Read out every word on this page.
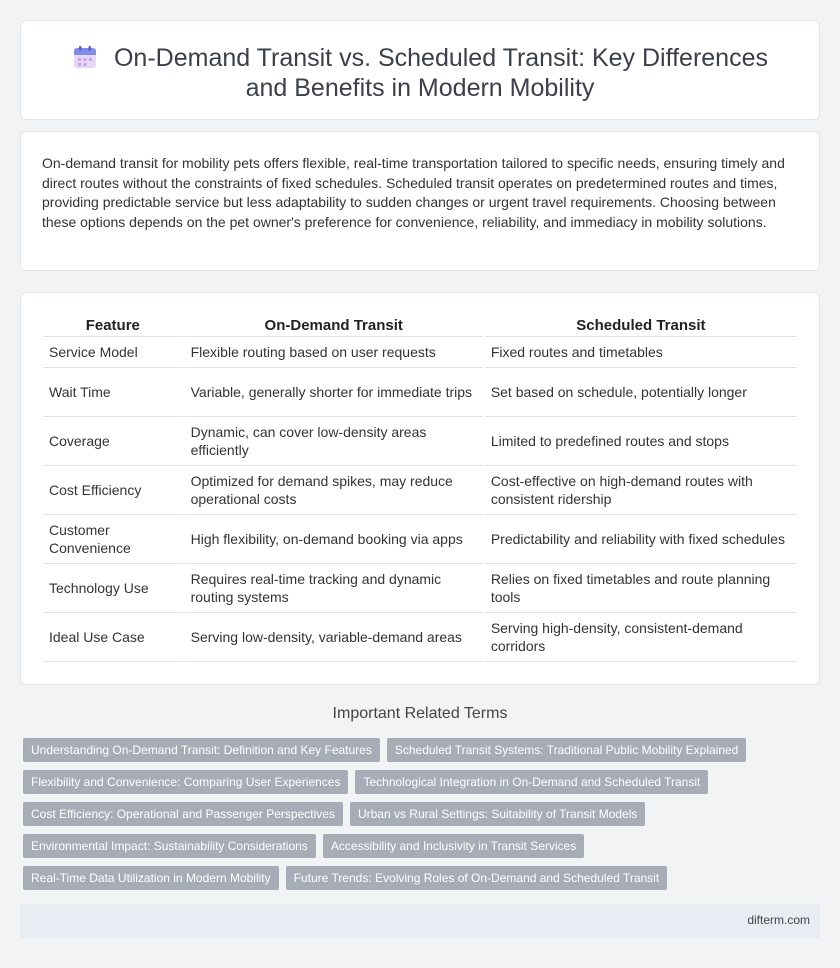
On-Demand Transit vs. Scheduled Transit: Key Differences and Benefits in Modern Mobility

On-demand transit for mobility pets offers flexible, real-time transportation tailored to specific needs, ensuring timely and direct routes without the constraints of fixed schedules. Scheduled transit operates on predetermined routes and times, providing predictable service but less adaptability to sudden changes or urgent travel requirements. Choosing between these options depends on the pet owner's preference for convenience, reliability, and immediacy in mobility solutions.

Feature	On-Demand Transit	Scheduled Transit
Service Model	Flexible routing based on user requests	Fixed routes and timetables
Wait Time	Variable, generally shorter for immediate trips	Set based on schedule, potentially longer
Coverage	Dynamic, can cover low-density areas efficiently	Limited to predefined routes and stops
Cost Efficiency	Optimized for demand spikes, may reduce operational costs	Cost-effective on high-demand routes with consistent ridership
Customer Convenience	High flexibility, on-demand booking via apps	Predictability and reliability with fixed schedules
Technology Use	Requires real-time tracking and dynamic routing systems	Relies on fixed timetables and route planning tools
Ideal Use Case	Serving low-density, variable-demand areas	Serving high-density, consistent-demand corridors
Important Related Terms
Understanding On-Demand Transit: Definition and Key Features	Scheduled Transit Systems: Traditional Public Mobility Explained
Flexibility and Convenience: Comparing User Experiences	Technological Integration in On-Demand and Scheduled Transit
Cost Efficiency: Operational and Passenger Perspectives	Urban vs Rural Settings: Suitability of Transit Models
Environmental Impact: Sustainability Considerations	Accessibility and Inclusivity in Transit Services
Real-Time Data Utilization in Modern Mobility	Future Trends: Evolving Roles of On-Demand and Scheduled Transit
difterm.com
